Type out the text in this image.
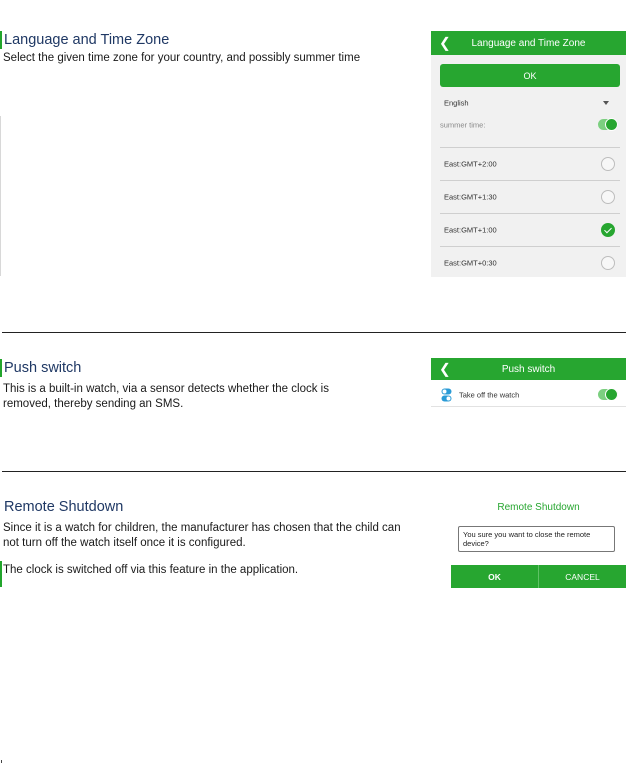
Language and Time Zone
Select the given time zone for your country, and possibly summer time
❮ Language and Time Zone
OK
English
summer time:
East:GMT+2:00
East:GMT+1:30
East:GMT+1:00
East:GMT+0:30
Push switch
This is a built-in watch, via a sensor detects whether the clock is
removed, thereby sending an SMS.
❮	Push switch
Take off the watch
Remote Shutdown
Since it is a watch for children, the manufacturer has chosen that the child can
not turn off the watch itself once it is configured.
The clock is switched off via this feature in the application.
Remote Shutdown
You sure you want to close the remote
device?
OK	CANCEL
